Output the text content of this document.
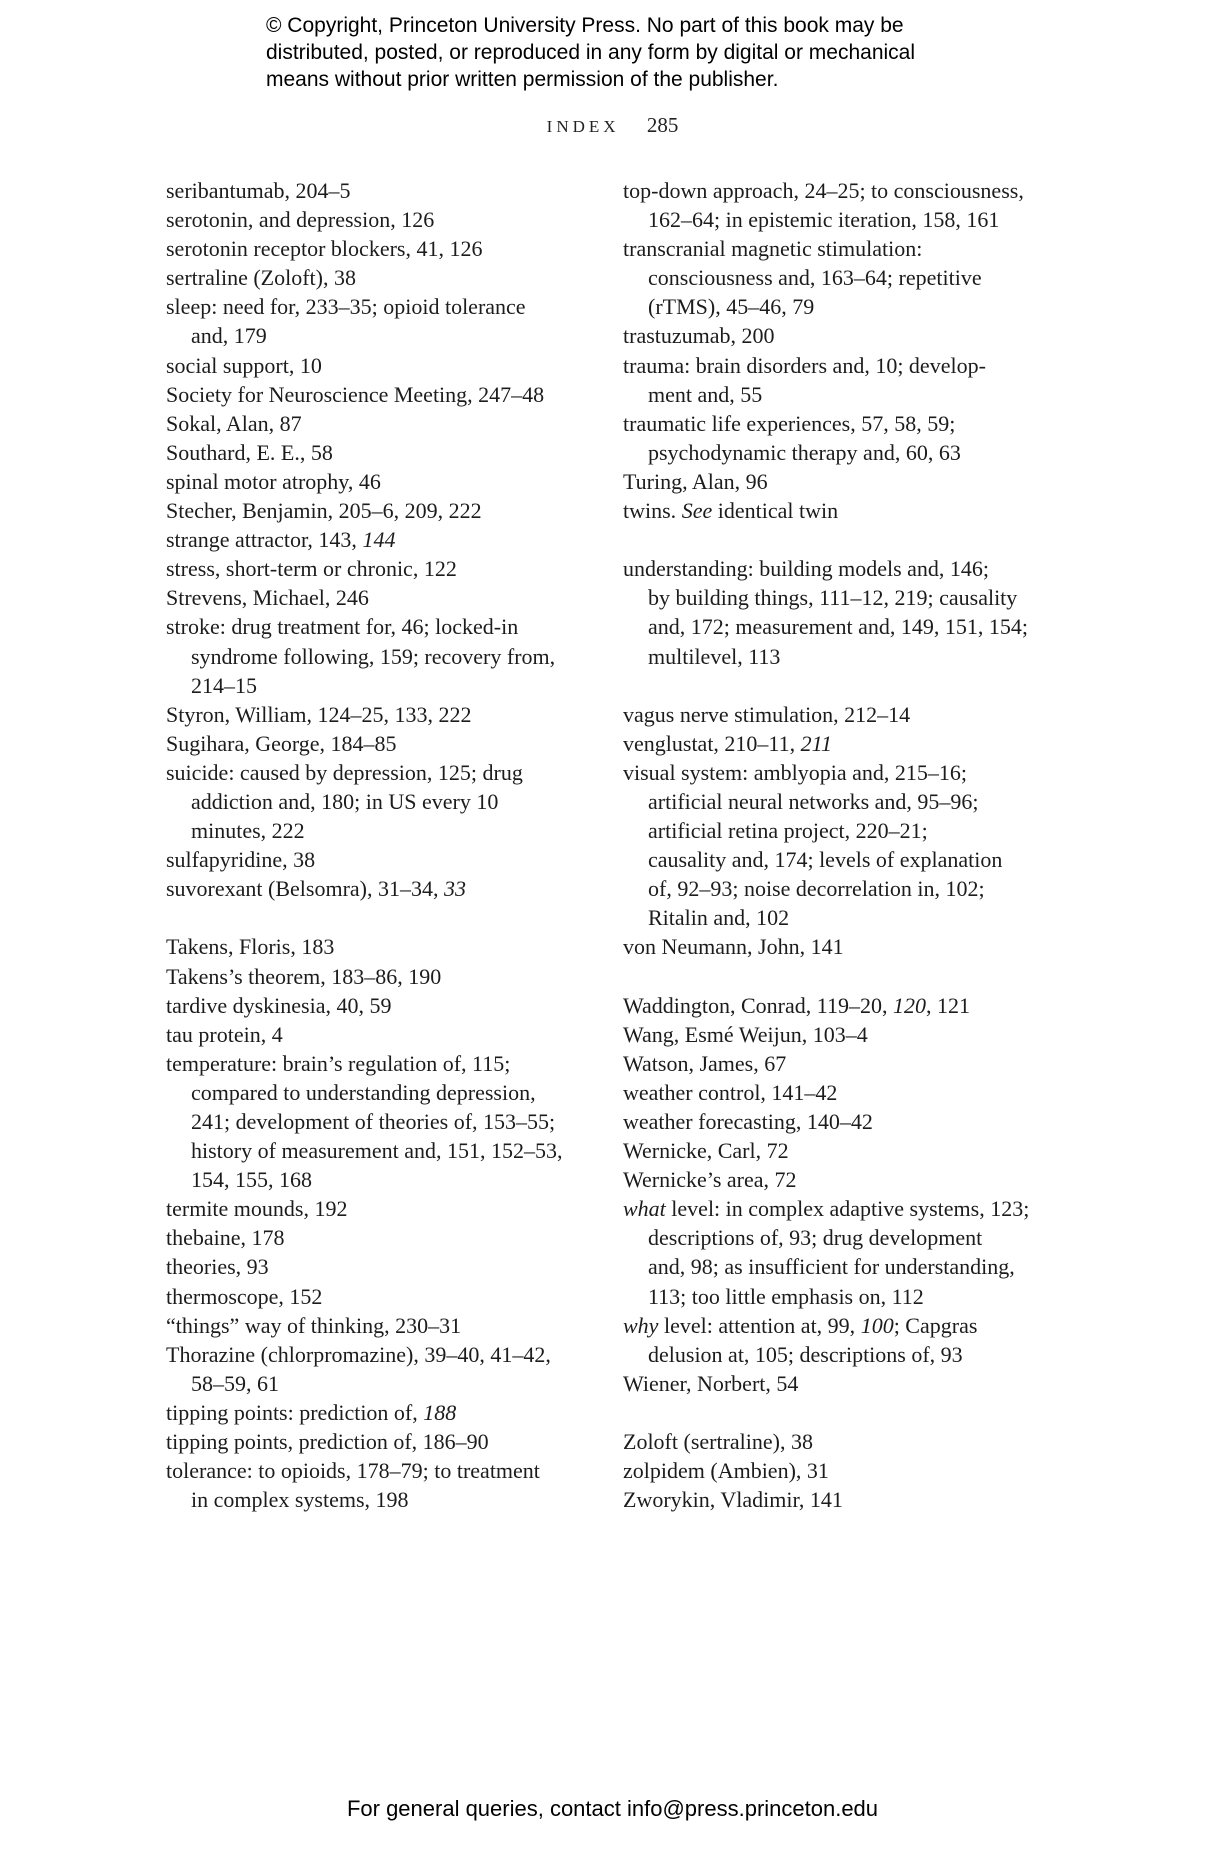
© Copyright, Princeton University Press. No part of this book may be
distributed, posted, or reproduced in any form by digital or mechanical
means without prior written permission of the publisher.
INDEX 285
seribantumab, 204–5
serotonin, and depression, 126
serotonin receptor blockers, 41, 126
sertraline (Zoloft), 38
sleep: need for, 233–35; opioid tolerance
and, 179
social support, 10
Society for Neuroscience Meeting, 247–48
Sokal, Alan, 87
Southard, E. E., 58
spinal motor atrophy, 46
Stecher, Benjamin, 205–6, 209, 222
strange attractor, 143, 144
stress, short-term or chronic, 122
Strevens, Michael, 246
stroke: drug treatment for, 46; locked-in
syndrome following, 159; recovery from,
214–15
Styron, William, 124–25, 133, 222
Sugihara, George, 184–85
suicide: caused by depression, 125; drug
addiction and, 180; in US every 10
minutes, 222
sulfapyridine, 38
suvorexant (Belsomra), 31–34, 33
Takens, Floris, 183
Takens’s theorem, 183–86, 190
tardive dyskinesia, 40, 59
tau protein, 4
temperature: brain’s regulation of, 115;
compared to understanding depression,
241; development of theories of, 153–55;
history of measurement and, 151, 152–53,
154, 155, 168
termite mounds, 192
thebaine, 178
theories, 93
thermoscope, 152
“things” way of thinking, 230–31
Thorazine (chlorpromazine), 39–40, 41–42,
58–59, 61
tipping points: prediction of, 188
tipping points, prediction of, 186–90
tolerance: to opioids, 178–79; to treatment
in complex systems, 198
top-down approach, 24–25; to consciousness,
162–64; in epistemic iteration, 158, 161
transcranial magnetic stimulation:
consciousness and, 163–64; repetitive
(rTMS), 45–46, 79
trastuzumab, 200
trauma: brain disorders and, 10; develop-
ment and, 55
traumatic life experiences, 57, 58, 59;
psychodynamic therapy and, 60, 63
Turing, Alan, 96
twins. See identical twin
understanding: building models and, 146;
by building things, 111–12, 219; causality
and, 172; measurement and, 149, 151, 154;
multilevel, 113
vagus nerve stimulation, 212–14
venglustat, 210–11, 211
visual system: amblyopia and, 215–16;
artificial neural networks and, 95–96;
artificial retina project, 220–21;
causality and, 174; levels of explanation
of, 92–93; noise decorrelation in, 102;
Ritalin and, 102
von Neumann, John, 141
Waddington, Conrad, 119–20, 120, 121
Wang, Esmé Weijun, 103–4
Watson, James, 67
weather control, 141–42
weather forecasting, 140–42
Wernicke, Carl, 72
Wernicke’s area, 72
what level: in complex adaptive systems, 123;
descriptions of, 93; drug development
and, 98; as insufficient for understanding,
113; too little emphasis on, 112
why level: attention at, 99, 100; Capgras
delusion at, 105; descriptions of, 93
Wiener, Norbert, 54
Zoloft (sertraline), 38
zolpidem (Ambien), 31
Zworykin, Vladimir, 141
For general queries, contact info@press.princeton.edu
